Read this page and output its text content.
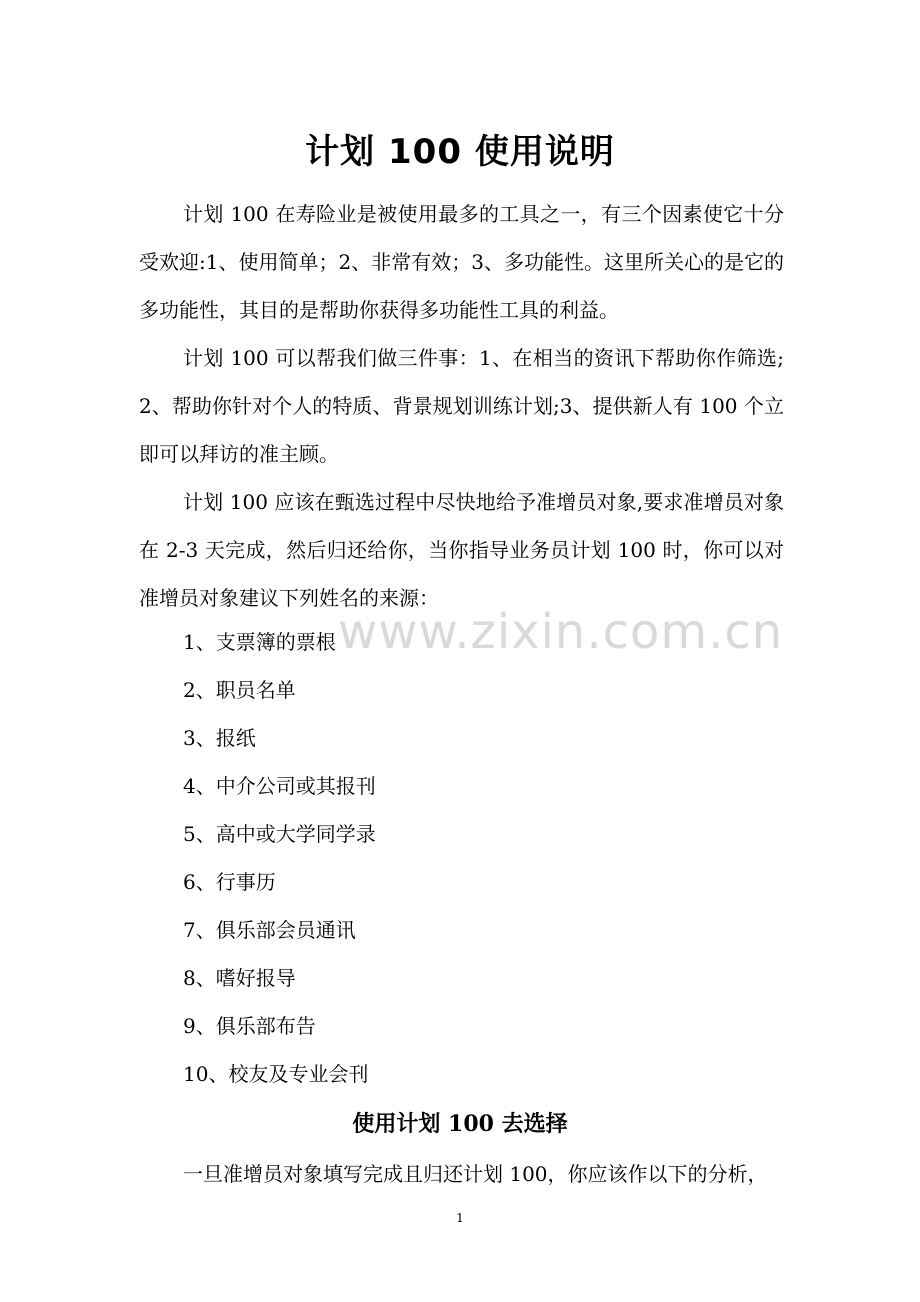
计划 100 使用说明

计划 100 在寿险业是被使用最多的工具之一，有三个因素使它十分受欢迎:1、使用简单；2、非常有效；3、多功能性。这里所关心的是它的多功能性，其目的是帮助你获得多功能性工具的利益。

计划 100 可以帮我们做三件事：1、在相当的资讯下帮助你作筛选; 2、帮助你针对个人的特质、背景规划训练计划;3、提供新人有 100 个立即可以拜访的准主顾。

计划 100 应该在甄选过程中尽快地给予准增员对象,要求准增员对象在 2-3 天完成，然后归还给你，当你指导业务员计划 100 时，你可以对准增员对象建议下列姓名的来源：

www.zixin.com.cn

1、支票簿的票根

2、职员名单

3、报纸

4、中介公司或其报刊

5、高中或大学同学录

6、行事历

7、俱乐部会员通讯

8、嗜好报导

9、俱乐部布告

10、校友及专业会刊

使用计划 100 去选择

一旦准增员对象填写完成且归还计划 100，你应该作以下的分析，

1
